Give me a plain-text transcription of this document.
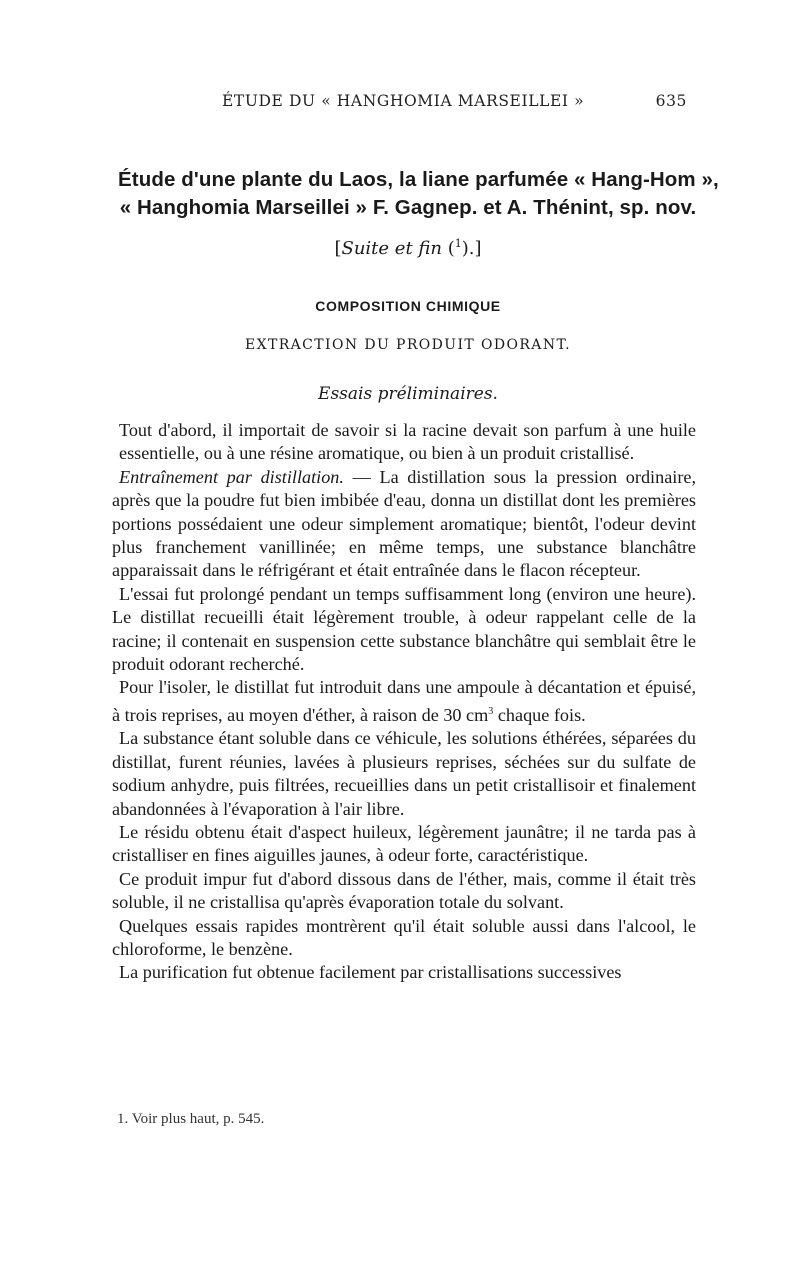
ÉTUDE DU « HANGHOMIA MARSEILLEI »	635
Étude d'une plante du Laos, la liane parfumée « Hang-Hom »,
« Hanghomia Marseillei » F. Gagnep. et A. Thénint, sp. nov.
[Suite et fin ($^1$).]
COMPOSITION CHIMIQUE
EXTRACTION DU PRODUIT ODORANT.
Essais préliminaires.

Tout d'abord, il importait de savoir si la racine devait son parfum à une huile essentielle, ou à une résine aromatique, ou bien à un produit cristallisé.

Entraînement par distillation. — La distillation sous la pression ordinaire, après que la poudre fut bien imbibée d'eau, donna un distillat dont les premières portions possédaient une odeur simplement aromatique; bientôt, l'odeur devint plus franchement vanillinée; en même temps, une substance blanchâtre apparaissait dans le réfrigérant et était entraînée dans le flacon récepteur.

L'essai fut prolongé pendant un temps suffisamment long (environ une heure). Le distillat recueilli était légèrement trouble, à odeur rappelant celle de la racine; il contenait en suspension cette substance blanchâtre qui semblait être le produit odorant recherché.

Pour l'isoler, le distillat fut introduit dans une ampoule à décantation et épuisé, à trois reprises, au moyen d'éther, à raison de 30 $cm^3$ chaque fois.

La substance étant soluble dans ce véhicule, les solutions éthérées, séparées du distillat, furent réunies, lavées à plusieurs reprises, séchées sur du sulfate de sodium anhydre, puis filtrées, recueillies dans un petit cristallisoir et finalement abandonnées à l'évaporation à l'air libre.

Le résidu obtenu était d'aspect huileux, légèrement jaunâtre; il ne tarda pas à cristalliser en fines aiguilles jaunes, à odeur forte, caractéristique.

Ce produit impur fut d'abord dissous dans de l'éther, mais, comme il était très soluble, il ne cristallisa qu'après évaporation totale du solvant.

Quelques essais rapides montrèrent qu'il était soluble aussi dans l'alcool, le chloroforme, le benzène.

La purification fut obtenue facilement par cristallisations successives

1. Voir plus haut, p. 545.
